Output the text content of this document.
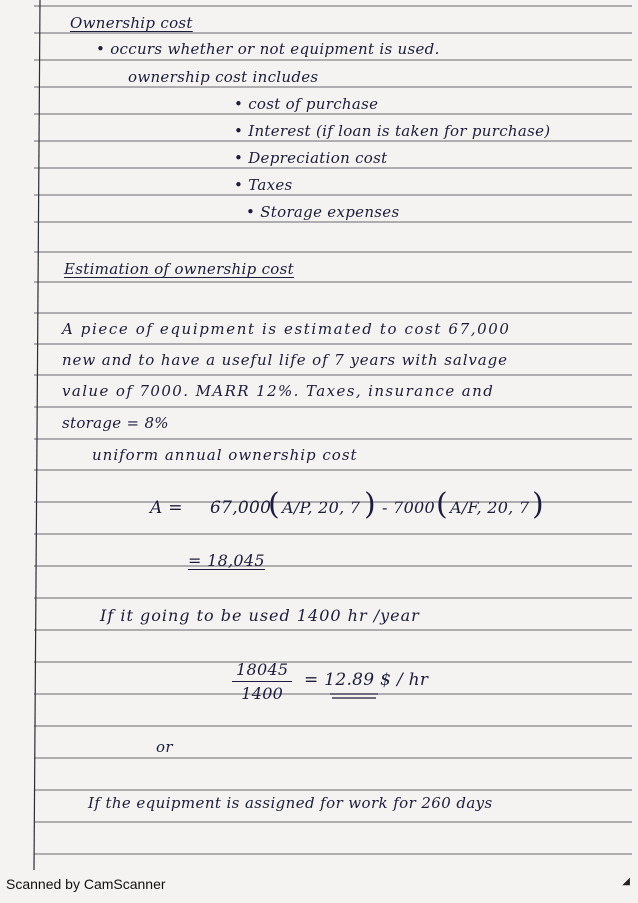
Ownership cost
• occurs whether or not equipment is used.
ownership cost includes
• cost of purchase
• Interest (if loan is taken for purchase)
• Depreciation cost
• Taxes
• Storage expenses
Estimation of ownership cost
A piece of equipment is estimated to cost 67,000
new and to have a useful life of 7 years with salvage
value of 7000. MARR 12%. Taxes, insurance and
storage = 8%
uniform annual ownership cost
A = 67,000
( A/P, 20, 7 ) - 7000 ( A/F, 20, 7 )
= 18,045
If it going to be used 1400 hr /year
$\frac{18045}{1400} = 12.89$ $ / hr
or
If the equipment is assigned for work for 260 days
Scanned by CamScanner	◢
